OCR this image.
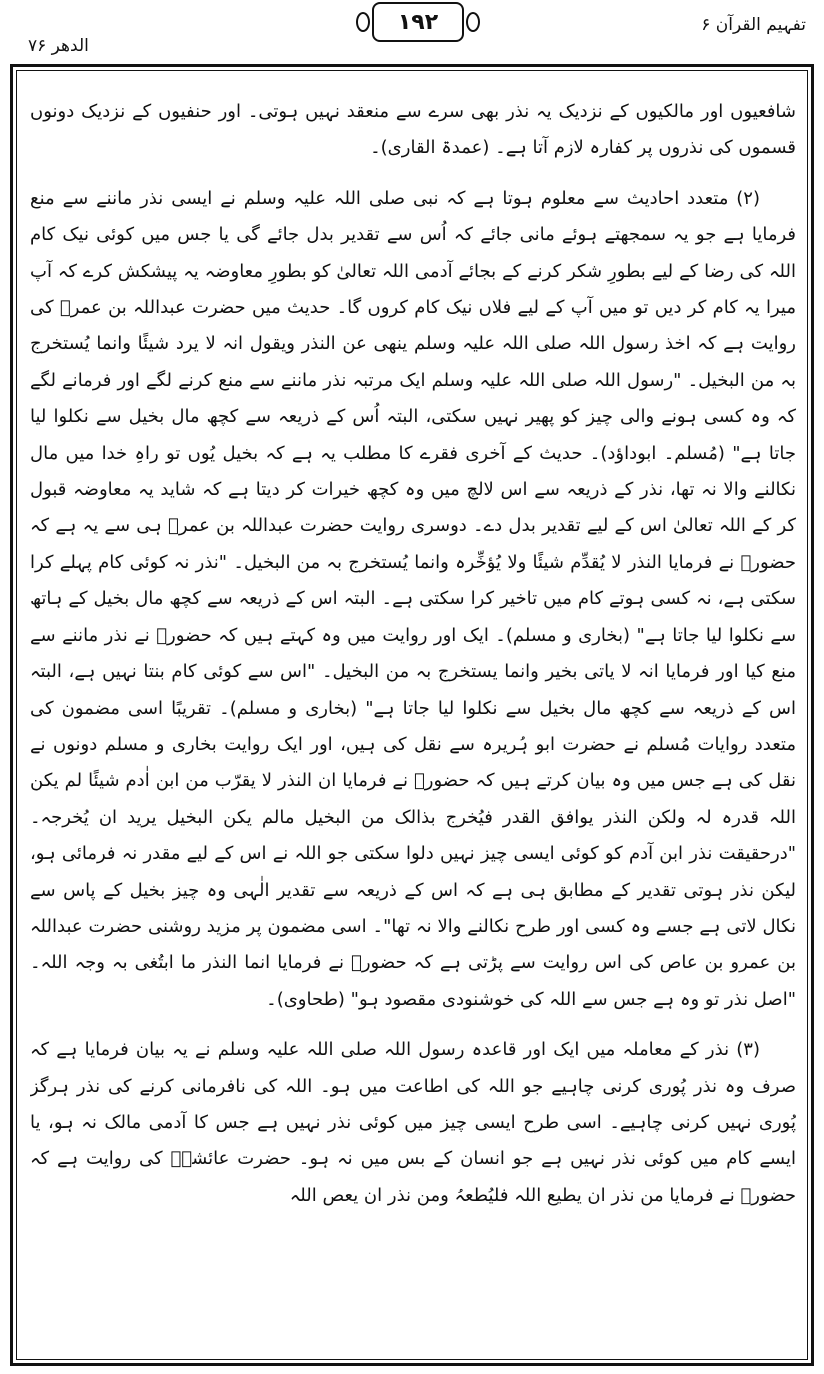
الدھر ۷۶
۱۹۲	تفہیم القرآن ۶

شافعیوں اور مالکیوں کے نزدیک یہ نذر بھی سرے سے منعقد نہیں ہوتی۔ اور حنفیوں کے نزدیک دونوں قسموں کی نذروں پر کفارہ لازم آتا ہے۔ (عمدۃ القاری)۔

(۲) متعدد احادیث سے معلوم ہوتا ہے کہ نبی صلی اللہ علیہ وسلم نے ایسی نذر ماننے سے منع فرمایا ہے جو یہ سمجھتے ہوئے مانی جائے کہ اُس سے تقدیر بدل جائے گی یا جس میں کوئی نیک کام اللہ کی رضا کے لیے بطورِ شکر کرنے کے بجائے آدمی اللہ تعالیٰ کو بطورِ معاوضہ یہ پیشکش کرے کہ آپ میرا یہ کام کر دیں تو میں آپ کے لیے فلاں نیک کام کروں گا۔ حدیث میں حضرت عبداللہ بن عمرؓ کی روایت ہے کہ اخذ رسول اللہ صلی اللہ علیہ وسلم ینھی عن النذر ویقول انہ لا یرد شیئًا وانما یُستخرج بہ من البخیل۔ "رسول اللہ صلی اللہ علیہ وسلم ایک مرتبہ نذر ماننے سے منع کرنے لگے اور فرمانے لگے کہ وہ کسی ہونے والی چیز کو پھیر نہیں سکتی، البتہ اُس کے ذریعہ سے کچھ مال بخیل سے نکلوا لیا جاتا ہے" (مُسلم۔ ابوداؤد)۔ حدیث کے آخری فقرے کا مطلب یہ ہے کہ بخیل یُوں تو راہِ خدا میں مال نکالنے والا نہ تھا، نذر کے ذریعہ سے اس لالچ میں وہ کچھ خیرات کر دیتا ہے کہ شاید یہ معاوضہ قبول کر کے اللہ تعالیٰ اس کے لیے تقدیر بدل دے۔ دوسری روایت حضرت عبداللہ بن عمرؓ ہی سے یہ ہے کہ حضورؐ نے فرمایا النذر لا یُقدِّم شیئًا ولا یُؤخِّرہ وانما یُستخرج بہ من البخیل۔ "نذر نہ کوئی کام پہلے کرا سکتی ہے، نہ کسی ہوتے کام میں تاخیر کرا سکتی ہے۔ البتہ اس کے ذریعہ سے کچھ مال بخیل کے ہاتھ سے نکلوا لیا جاتا ہے" (بخاری و مسلم)۔ ایک اور روایت میں وہ کہتے ہیں کہ حضورؐ نے نذر ماننے سے منع کیا اور فرمایا انہ لا یاتی بخیر وانما یستخرج بہ من البخیل۔ "اس سے کوئی کام بنتا نہیں ہے، البتہ اس کے ذریعہ سے کچھ مال بخیل سے نکلوا لیا جاتا ہے" (بخاری و مسلم)۔ تقریبًا اسی مضمون کی متعدد روایات مُسلم نے حضرت ابو ہُریرہ سے نقل کی ہیں، اور ایک روایت بخاری و مسلم دونوں نے نقل کی ہے جس میں وہ بیان کرتے ہیں کہ حضورؐ نے فرمایا ان النذر لا یقرّب من ابن اٰدم شیئًا لم یکن اللہ قدرہ لہ ولکن النذر یوافق القدر فیُخرج بذالک من البخیل مالم یکن البخیل یرید ان یُخرجہ۔ "درحقیقت نذر ابن آدم کو کوئی ایسی چیز نہیں دلوا سکتی جو اللہ نے اس کے لیے مقدر نہ فرمائی ہو، لیکن نذر ہوتی تقدیر کے مطابق ہی ہے کہ اس کے ذریعہ سے تقدیر الٰہی وہ چیز بخیل کے پاس سے نکال لاتی ہے جسے وہ کسی اور طرح نکالنے والا نہ تھا"۔ اسی مضمون پر مزید روشنی حضرت عبداللہ بن عمرو بن عاص کی اس روایت سے پڑتی ہے کہ حضورؐ نے فرمایا انما النذر ما ابتُغی بہ وجہ اللہ۔ "اصل نذر تو وہ ہے جس سے اللہ کی خوشنودی مقصود ہو" (طحاوی)۔

(۳) نذر کے معاملہ میں ایک اور قاعدہ رسول اللہ صلی اللہ علیہ وسلم نے یہ بیان فرمایا ہے کہ صرف وہ نذر پُوری کرنی چاہیے جو اللہ کی اطاعت میں ہو۔ اللہ کی نافرمانی کرنے کی نذر ہرگز پُوری نہیں کرنی چاہیے۔ اسی طرح ایسی چیز میں کوئی نذر نہیں ہے جس کا آدمی مالک نہ ہو، یا ایسے کام میں کوئی نذر نہیں ہے جو انسان کے بس میں نہ ہو۔ حضرت عائشہؓ کی روایت ہے کہ حضورؐ نے فرمایا من نذر ان یطیع اللہ فلیُطعہُ ومن نذر ان یعص اللہ
